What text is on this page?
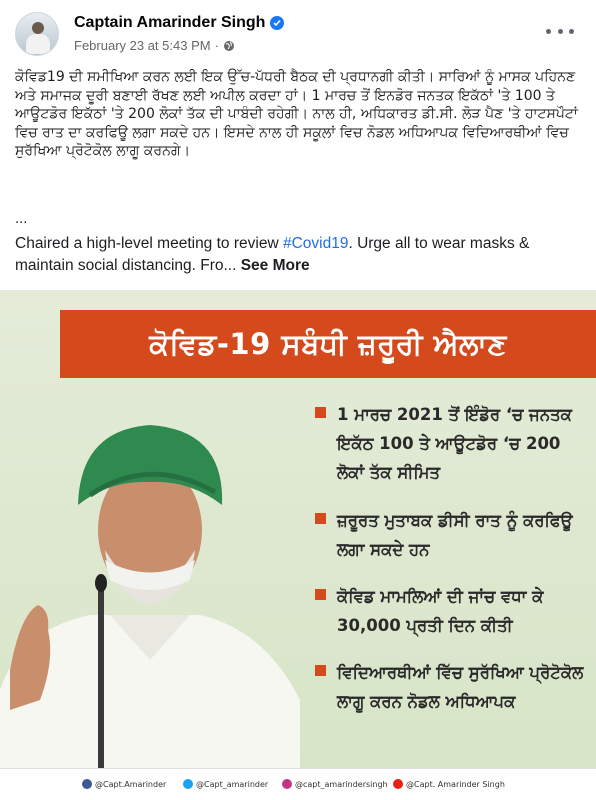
Captain Amarinder Singh
February 23 at 5:43 PM ·
ਕੋਵਿਡ19 ਦੀ ਸਮੀਖਿਆ ਕਰਨ ਲਈ ਇਕ ਉੱਚ-ਪੱਧਰੀ ਬੈਠਕ ਦੀ ਪ੍ਰਧਾਨਗੀ ਕੀਤੀ। ਸਾਰਿਆਂ ਨੂੰ ਮਾਸਕ ਪਹਿਨਣ ਅਤੇ ਸਮਾਜਕ ਦੂਰੀ ਬਣਾਈ ਰੱਖਣ ਲਈ ਅਪੀਲ ਕਰਦਾ ਹਾਂ। 1 ਮਾਰਚ ਤੋਂ ਇਨਡੋਰ ਜਨਤਕ ਇਕੱਠਾਂ 'ਤੇ 100 ਤੇ ਆਊਟਡੋਰ ਇਕੱਠਾਂ 'ਤੇ 200 ਲੋਕਾਂ ਤੱਕ ਦੀ ਪਾਬੰਦੀ ਰਹੇਗੀ। ਨਾਲ ਹੀ, ਅਧਿਕਾਰਤ ਡੀ.ਸੀ. ਲੋੜ ਪੈਣ 'ਤੇ ਹਾਟਸਪੌਟਾਂ ਵਿਚ ਰਾਤ ਦਾ ਕਰਫਿਊ ਲਗਾ ਸਕਦੇ ਹਨ। ਇਸਦੇ ਨਾਲ ਹੀ ਸਕੂਲਾਂ ਵਿਚ ਨੋਡਲ ਅਧਿਆਪਕ ਵਿਦਿਆਰਥੀਆਂ ਵਿਚ ਸੁਰੱਖਿਆ ਪ੍ਰੋਟੋਕੋਲ ਲਾਗੂ ਕਰਨਗੇ।
...
Chaired a high-level meeting to review #Covid19. Urge all to wear masks & maintain social distancing. Fro... See More
ਕੋਵਿਡ-19 ਸਬੰਧੀ ਜ਼ਰੂਰੀ ਐਲਾਣ
1 ਮਾਰਚ 2021 ਤੋਂ ਇੰਡੋਰ ‘ਚ ਜਨਤਕ ਇਕੱਠ 100 ਤੇ ਆਊਟਡੋਰ ‘ਚ 200 ਲੋਕਾਂ ਤੱਕ ਸੀਮਿਤ
ਜ਼ਰੂਰਤ ਮੁਤਾਬਕ ਡੀਸੀ ਰਾਤ ਨੂੰ ਕਰਫਿਊ ਲਗਾ ਸਕਦੇ ਹਨ
ਕੋਵਿਡ ਮਾਮਲਿਆਂ ਦੀ ਜਾਂਚ ਵਧਾ ਕੇ 30,000 ਪ੍ਰਤੀ ਦਿਨ ਕੀਤੀ
ਵਿਦਿਆਰਥੀਆਂ ਵਿੱਚ ਸੁਰੱਖਿਆ ਪ੍ਰੋਟੋਕੋਲ ਲਾਗੂ ਕਰਨ ਨੋਡਲ ਅਧਿਆਪਕ
@Capt.Amarinder	@Capt_amarinder	@capt_amarindersingh @Capt. Amarinder Singh
